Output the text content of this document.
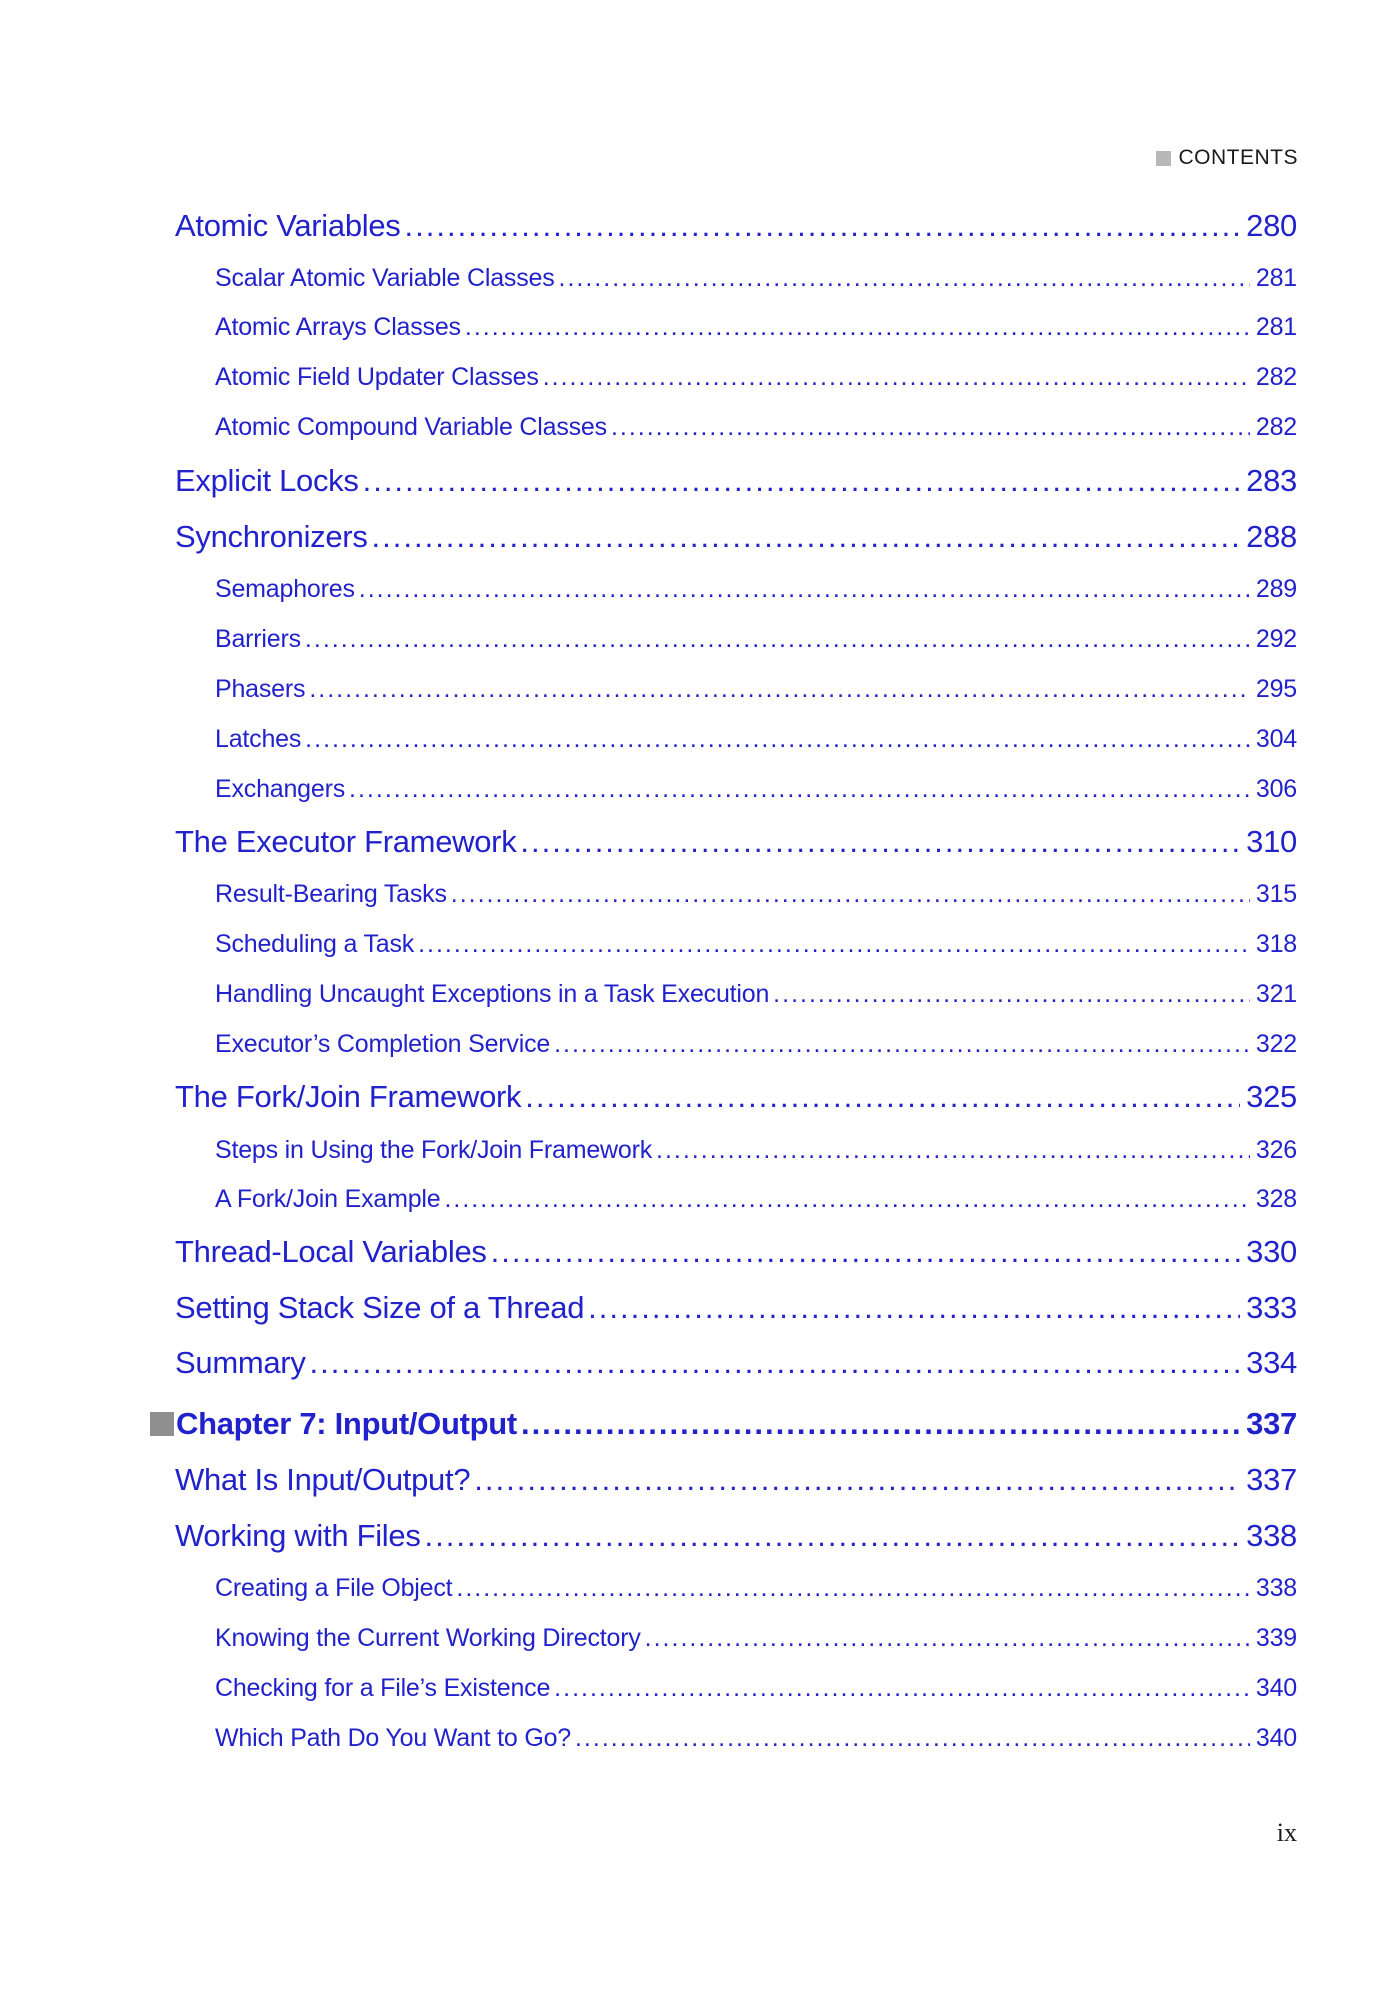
CONTENTS
Atomic Variables .....	280
Scalar Atomic Variable Classes .....	281
Atomic Arrays Classes .....	281
Atomic Field Updater Classes .....	282
Atomic Compound Variable Classes .....	282
Explicit Locks .....	283
Synchronizers .....	288
Semaphores .....	289
Barriers .....	292
Phasers .....	295
Latches .....	304
Exchangers .....	306
The Executor Framework .....	310
Result-Bearing Tasks .....	315
Scheduling a Task .....	318
Handling Uncaught Exceptions in a Task Execution .....	321
Executor’s Completion Service .....	322
The Fork/Join Framework .....	325
Steps in Using the Fork/Join Framework .....	326
A Fork/Join Example .....	328
Thread-Local Variables .....	330
Setting Stack Size of a Thread .....	333
Summary .....	334
Chapter 7: Input/Output .....	337
What Is Input/Output? .....	337
Working with Files .....	338
Creating a File Object .....	338
Knowing the Current Working Directory .....	339
Checking for a File’s Existence .....	340
Which Path Do You Want to Go? .....	340
ix
